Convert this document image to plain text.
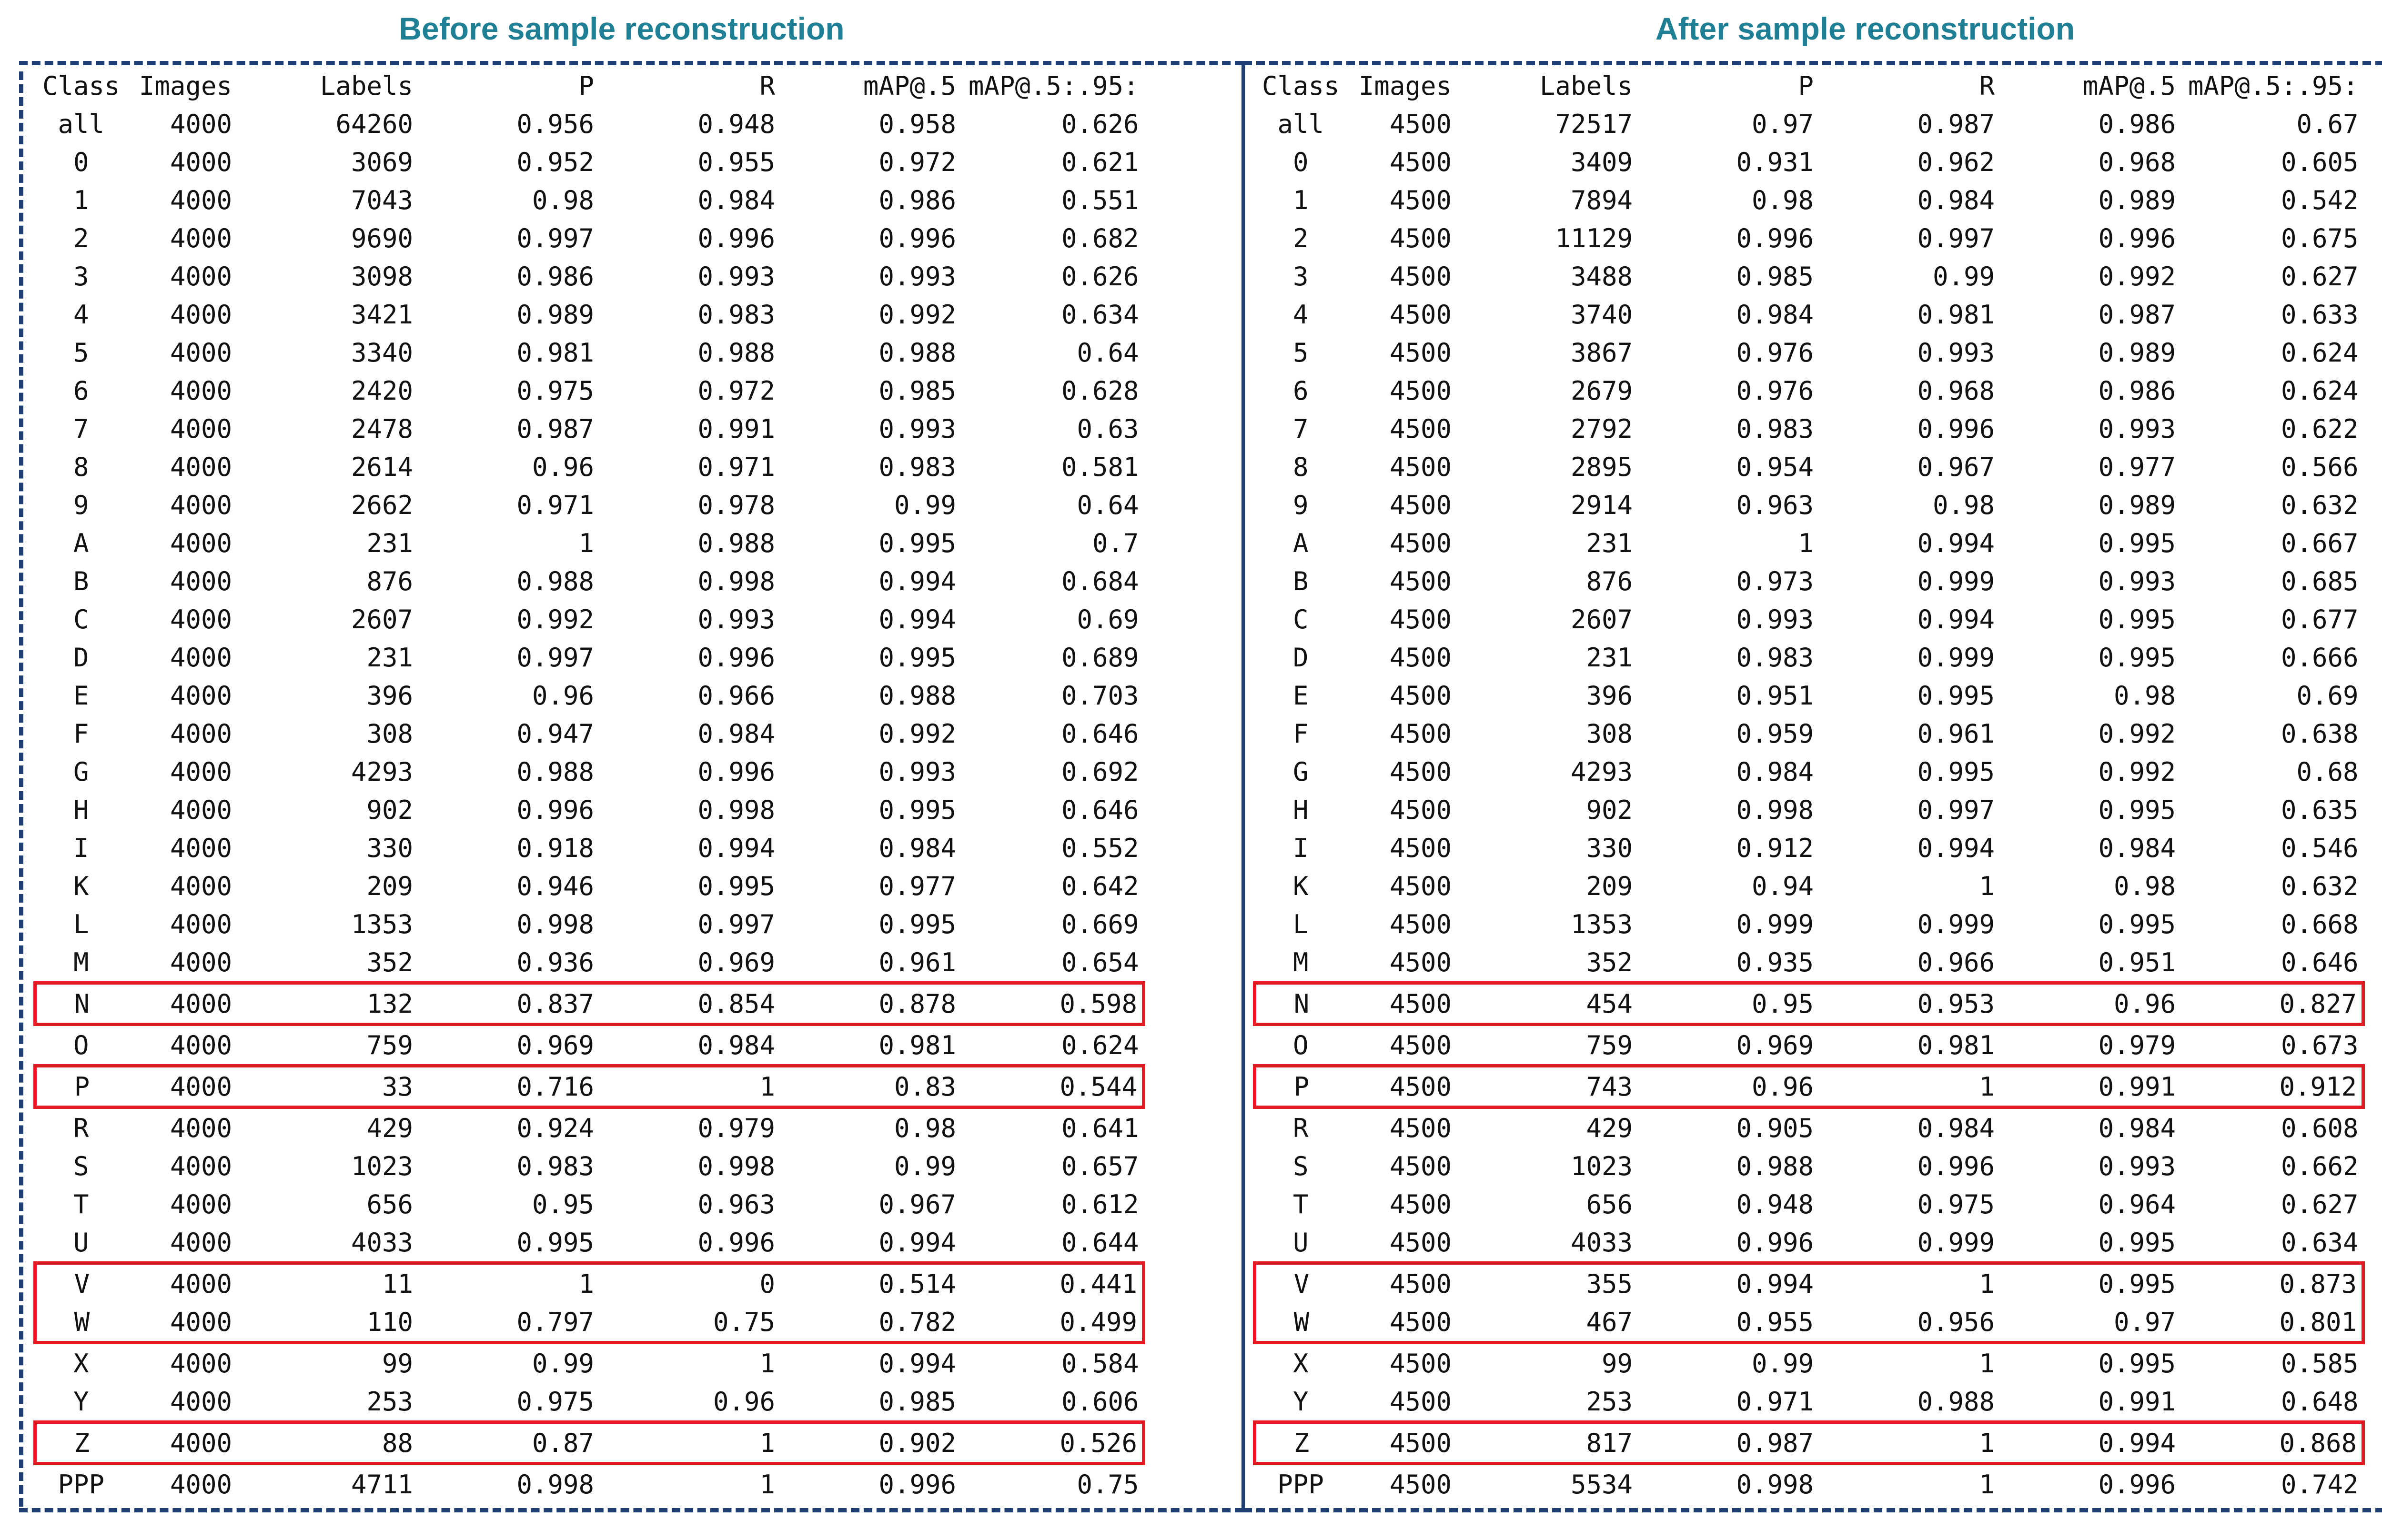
Before sample reconstruction
Class	Images	Labels	P	R	mAP@.5	mAP@.5:.95:
all	4000	64260	0.956	0.948	0.958	0.626
0	4000	3069	0.952	0.955	0.972	0.621
1	4000	7043	0.98	0.984	0.986	0.551
2	4000	9690	0.997	0.996	0.996	0.682
3	4000	3098	0.986	0.993	0.993	0.626
4	4000	3421	0.989	0.983	0.992	0.634
5	4000	3340	0.981	0.988	0.988	0.64
6	4000	2420	0.975	0.972	0.985	0.628
7	4000	2478	0.987	0.991	0.993	0.63
8	4000	2614	0.96	0.971	0.983	0.581
9	4000	2662	0.971	0.978	0.99	0.64
A	4000	231	1	0.988	0.995	0.7
B	4000	876	0.988	0.998	0.994	0.684
C	4000	2607	0.992	0.993	0.994	0.69
D	4000	231	0.997	0.996	0.995	0.689
E	4000	396	0.96	0.966	0.988	0.703
F	4000	308	0.947	0.984	0.992	0.646
G	4000	4293	0.988	0.996	0.993	0.692
H	4000	902	0.996	0.998	0.995	0.646
I	4000	330	0.918	0.994	0.984	0.552
K	4000	209	0.946	0.995	0.977	0.642
L	4000	1353	0.998	0.997	0.995	0.669
M	4000	352	0.936	0.969	0.961	0.654
N	4000	132	0.837	0.854	0.878	0.598
O	4000	759	0.969	0.984	0.981	0.624
P	4000	33	0.716	1	0.83	0.544
R	4000	429	0.924	0.979	0.98	0.641
S	4000	1023	0.983	0.998	0.99	0.657
T	4000	656	0.95	0.963	0.967	0.612
U	4000	4033	0.995	0.996	0.994	0.644
V	4000	11	1	0	0.514	0.441
W	4000	110	0.797	0.75	0.782	0.499
X	4000	99	0.99	1	0.994	0.584
Y	4000	253	0.975	0.96	0.985	0.606
Z	4000	88	0.87	1	0.902	0.526
PPP	4000	4711	0.998	1	0.996	0.75
After sample reconstruction
Class	Images	Labels	P	R	mAP@.5	mAP@.5:.95:
all	4500	72517	0.97	0.987	0.986	0.67
0	4500	3409	0.931	0.962	0.968	0.605
1	4500	7894	0.98	0.984	0.989	0.542
2	4500	11129	0.996	0.997	0.996	0.675
3	4500	3488	0.985	0.99	0.992	0.627
4	4500	3740	0.984	0.981	0.987	0.633
5	4500	3867	0.976	0.993	0.989	0.624
6	4500	2679	0.976	0.968	0.986	0.624
7	4500	2792	0.983	0.996	0.993	0.622
8	4500	2895	0.954	0.967	0.977	0.566
9	4500	2914	0.963	0.98	0.989	0.632
A	4500	231	1	0.994	0.995	0.667
B	4500	876	0.973	0.999	0.993	0.685
C	4500	2607	0.993	0.994	0.995	0.677
D	4500	231	0.983	0.999	0.995	0.666
E	4500	396	0.951	0.995	0.98	0.69
F	4500	308	0.959	0.961	0.992	0.638
G	4500	4293	0.984	0.995	0.992	0.68
H	4500	902	0.998	0.997	0.995	0.635
I	4500	330	0.912	0.994	0.984	0.546
K	4500	209	0.94	1	0.98	0.632
L	4500	1353	0.999	0.999	0.995	0.668
M	4500	352	0.935	0.966	0.951	0.646
N	4500	454	0.95	0.953	0.96	0.827
O	4500	759	0.969	0.981	0.979	0.673
P	4500	743	0.96	1	0.991	0.912
R	4500	429	0.905	0.984	0.984	0.608
S	4500	1023	0.988	0.996	0.993	0.662
T	4500	656	0.948	0.975	0.964	0.627
U	4500	4033	0.996	0.999	0.995	0.634
V	4500	355	0.994	1	0.995	0.873
W	4500	467	0.955	0.956	0.97	0.801
X	4500	99	0.99	1	0.995	0.585
Y	4500	253	0.971	0.988	0.991	0.648
Z	4500	817	0.987	1	0.994	0.868
PPP	4500	5534	0.998	1	0.996	0.742
